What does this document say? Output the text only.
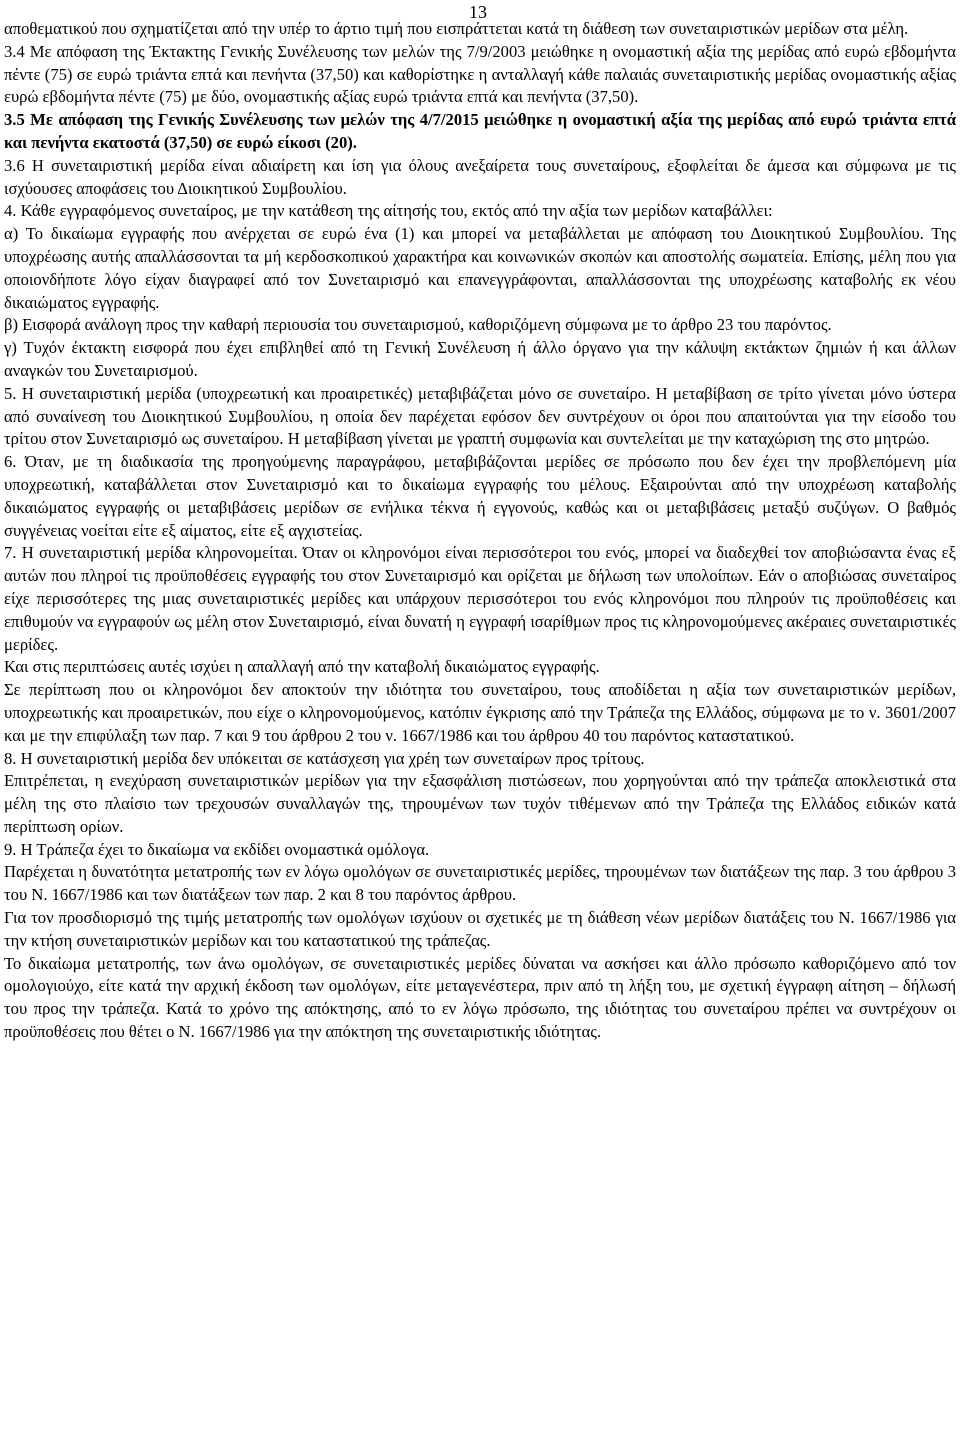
13

αποθεματικού που σχηματίζεται από την υπέρ το άρτιο τιμή που εισπράττεται κατά τη διάθεση των συνεταιριστικών μερίδων στα μέλη.

3.4 Με απόφαση της Έκτακτης Γενικής Συνέλευσης των μελών της 7/9/2003 μειώθηκε η ονομαστική αξία της μερίδας από ευρώ εβδομήντα πέντε (75) σε ευρώ τριάντα επτά και πενήντα (37,50) και καθορίστηκε η ανταλλαγή κάθε παλαιάς συνεταιριστικής μερίδας ονομαστικής αξίας ευρώ εβδομήντα πέντε (75) με δύο, ονομαστικής αξίας ευρώ τριάντα επτά και πενήντα (37,50).

3.5 Με απόφαση της Γενικής Συνέλευσης των μελών της 4/7/2015 μειώθηκε η ονομαστική αξία της μερίδας από ευρώ τριάντα επτά και πενήντα εκατοστά (37,50) σε ευρώ είκοσι (20).

3.6 Η συνεταιριστική μερίδα είναι αδιαίρετη και ίση για όλους ανεξαίρετα τους συνεταίρους, εξοφλείται δε άμεσα και σύμφωνα με τις ισχύουσες αποφάσεις του Διοικητικού Συμβουλίου.

4. Κάθε εγγραφόμενος συνεταίρος, με την κατάθεση της αίτησής του, εκτός από την αξία των μερίδων καταβάλλει:

α) Το δικαίωμα εγγραφής που ανέρχεται σε ευρώ ένα (1) και μπορεί να μεταβάλλεται με απόφαση του Διοικητικού Συμβουλίου. Της υποχρέωσης αυτής απαλλάσσονται τα μή κερδοσκοπικού χαρακτήρα και κοινωνικών σκοπών και αποστολής σωματεία. Επίσης, μέλη που για οποιονδήποτε λόγο είχαν διαγραφεί από τον Συνεταιρισμό και επανεγγράφονται, απαλλάσσονται της υποχρέωσης καταβολής εκ νέου δικαιώματος εγγραφής.

β) Εισφορά ανάλογη προς την καθαρή περιουσία του συνεταιρισμού, καθοριζόμενη σύμφωνα με το άρθρο 23 του παρόντος.

γ) Τυχόν έκτακτη εισφορά που έχει επιβληθεί από τη Γενική Συνέλευση ή άλλο όργανο για την κάλυψη εκτάκτων ζημιών ή και άλλων αναγκών του Συνεταιρισμού.

5. Η συνεταιριστική μερίδα (υποχρεωτική και προαιρετικές) μεταβιβάζεται μόνο σε συνεταίρο. Η μεταβίβαση σε τρίτο γίνεται μόνο ύστερα από συναίνεση του Διοικητικού Συμβουλίου, η οποία δεν παρέχεται εφόσον δεν συντρέχουν οι όροι που απαιτούνται για την είσοδο του τρίτου στον Συνεταιρισμό ως συνεταίρου. Η μεταβίβαση γίνεται με γραπτή συμφωνία και συντελείται με την καταχώριση της στο μητρώο.

6. Όταν, με τη διαδικασία της προηγούμενης παραγράφου, μεταβιβάζονται μερίδες σε πρόσωπο που δεν έχει την προβλεπόμενη μία υποχρεωτική, καταβάλλεται στον Συνεταιρισμό και το δικαίωμα εγγραφής του μέλους. Εξαιρούνται από την υποχρέωση καταβολής δικαιώματος εγγραφής οι μεταβιβάσεις μερίδων σε ενήλικα τέκνα ή εγγονούς, καθώς και οι μεταβιβάσεις μεταξύ συζύγων. Ο βαθμός συγγένειας νοείται είτε εξ αίματος, είτε εξ αγχιστείας.

7. Η συνεταιριστική μερίδα κληρονομείται. Όταν οι κληρονόμοι είναι περισσότεροι του ενός, μπορεί να διαδεχθεί τον αποβιώσαντα ένας εξ αυτών που πληροί τις προϋποθέσεις εγγραφής του στον Συνεταιρισμό και ορίζεται με δήλωση των υπολοίπων. Εάν ο αποβιώσας συνεταίρος είχε περισσότερες της μιας συνεταιριστικές μερίδες και υπάρχουν περισσότεροι του ενός κληρονόμοι που πληρούν τις προϋποθέσεις και επιθυμούν να εγγραφούν ως μέλη στον Συνεταιρισμό, είναι δυνατή η εγγραφή ισαρίθμων προς τις κληρονομούμενες ακέραιες συνεταιριστικές μερίδες.

Και στις περιπτώσεις αυτές ισχύει η απαλλαγή από την καταβολή δικαιώματος εγγραφής.

Σε περίπτωση που οι κληρονόμοι δεν αποκτούν την ιδιότητα του συνεταίρου, τους αποδίδεται η αξία των συνεταιριστικών μερίδων, υποχρεωτικής και προαιρετικών, που είχε ο κληρονομούμενος, κατόπιν έγκρισης από την Τράπεζα της Ελλάδος, σύμφωνα με το ν. 3601/2007 και με την επιφύλαξη των παρ. 7 και 9 του άρθρου 2 του ν. 1667/1986 και του άρθρου 40 του παρόντος καταστατικού.

8. Η συνεταιριστική μερίδα δεν υπόκειται σε κατάσχεση για χρέη των συνεταίρων προς τρίτους.

Επιτρέπεται, η ενεχύραση συνεταιριστικών μερίδων για την εξασφάλιση πιστώσεων, που χορηγούνται από την τράπεζα αποκλειστικά στα μέλη της στο πλαίσιο των τρεχουσών συναλλαγών της, τηρουμένων των τυχόν τιθέμενων από την Τράπεζα της Ελλάδος ειδικών κατά περίπτωση ορίων.

9. Η Τράπεζα έχει το δικαίωμα να εκδίδει ονομαστικά ομόλογα.

Παρέχεται η δυνατότητα μετατροπής των εν λόγω ομολόγων σε συνεταιριστικές μερίδες, τηρουμένων των διατάξεων της παρ. 3 του άρθρου 3 του Ν. 1667/1986 και των διατάξεων των παρ. 2 και 8 του παρόντος άρθρου.

Για τον προσδιορισμό της τιμής μετατροπής των ομολόγων ισχύουν οι σχετικές με τη διάθεση νέων μερίδων διατάξεις του Ν. 1667/1986 για την κτήση συνεταιριστικών μερίδων και του καταστατικού της τράπεζας.

Το δικαίωμα μετατροπής, των άνω ομολόγων, σε συνεταιριστικές μερίδες δύναται να ασκήσει και άλλο πρόσωπο καθοριζόμενο από τον ομολογιούχο, είτε κατά την αρχική έκδοση των ομολόγων, είτε μεταγενέστερα, πριν από τη λήξη του, με σχετική έγγραφη αίτηση – δήλωσή του προς την τράπεζα. Κατά το χρόνο της απόκτησης, από το εν λόγω πρόσωπο, της ιδιότητας του συνεταίρου πρέπει να συντρέχουν οι προϋποθέσεις που θέτει ο Ν. 1667/1986 για την απόκτηση της συνεταιριστικής ιδιότητας.
